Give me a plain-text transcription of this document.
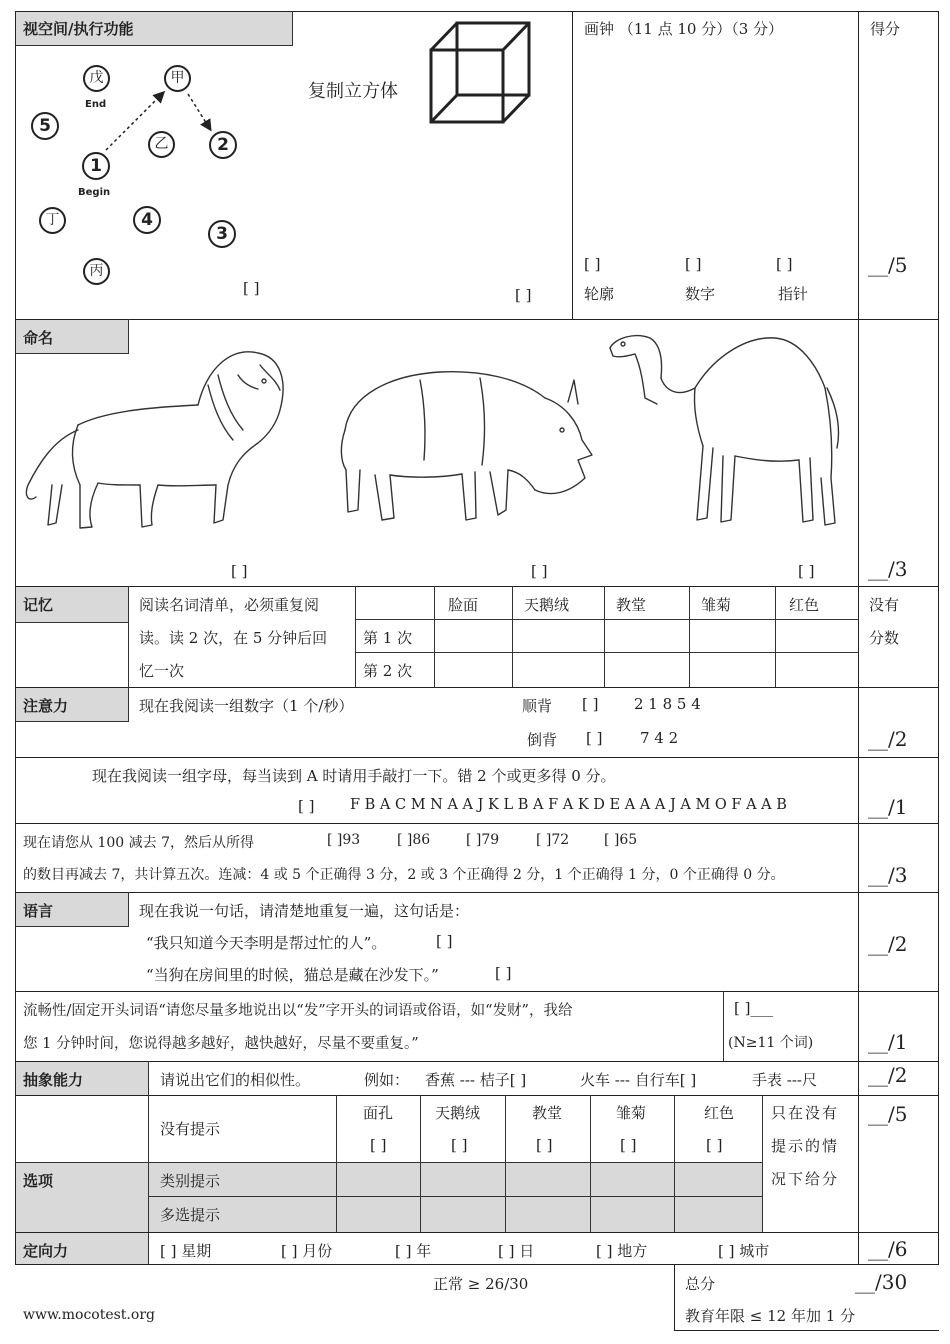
视空间/执行功能	得分
5
戊
End
甲
乙	2
1
Begin
丁	4
3
丙
[ ]
复制立方体
[ ]
画钟 （11 点 10 分）（3 分）
[ ]	[ ]	[ ]
轮廓	数字	指针
__/5
命名
[ ]	[ ]	[ ]	__/3
记忆	阅读名词清单，必须重复阅
读。读 2 次，在 5 分钟后回
忆一次
脸面	天鹅绒	教堂	雏菊	红色
第 1 次
第 2 次
没有
分数
注意力	现在我阅读一组数字（1 个/秒）	顺背 [ ] 2 1 8 5 4
倒背 [ ]	7 4 2	__/2
现在我阅读一组字母，每当读到 A 时请用手敲打一下。错 2 个或更多得 0 分。
[ ] F B A C M N A A J K L B A F A K D E A A A J A M O F A A B	__/1
现在请您从 100 减去 7，然后从所得	[ ]93	[ ]86	[ ]79	[ ]72 [ ]65
的数目再减去 7，共计算五次。连减：4 或 5 个正确得 3 分，2 或 3 个正确得 2 分，1 个正确得 1 分，0 个正确得 0 分。	__/3
语言	现在我说一句话，请清楚地重复一遍，这句话是：
“我只知道今天李明是帮过忙的人”。	[ ]
“当狗在房间里的时候，猫总是藏在沙发下。”	[ ]
__/2
流畅性/固定开头词语“请您尽量多地说出以“发”字开头的词语或俗语，如“发财”，我给
您 1 分钟时间，您说得越多越好，越快越好，尽量不要重复。”
[ ]___
(N≥11 个词)	__/1
抽象能力	请说出它们的相似性。	例如： 香蕉 --- 桔子[ ]	火车 --- 自行车[ ]	手表 ---尺	__/2
没有提示
面孔	天鹅绒	教堂	雏菊	红色
[ ]	[ ]	[ ]	[ ]	[ ]
只在没有
提示的情
况下给分
__/5
选项	类别提示
多选提示
定向力	[ ] 星期	[ ] 月份	[ ] 年	[ ] 日	[ ] 地方	[ ] 城市	__/6
正常 ≥ 26/30	总分	__/30
教育年限 ≤ 12 年加 1 分
www.mocotest.org
